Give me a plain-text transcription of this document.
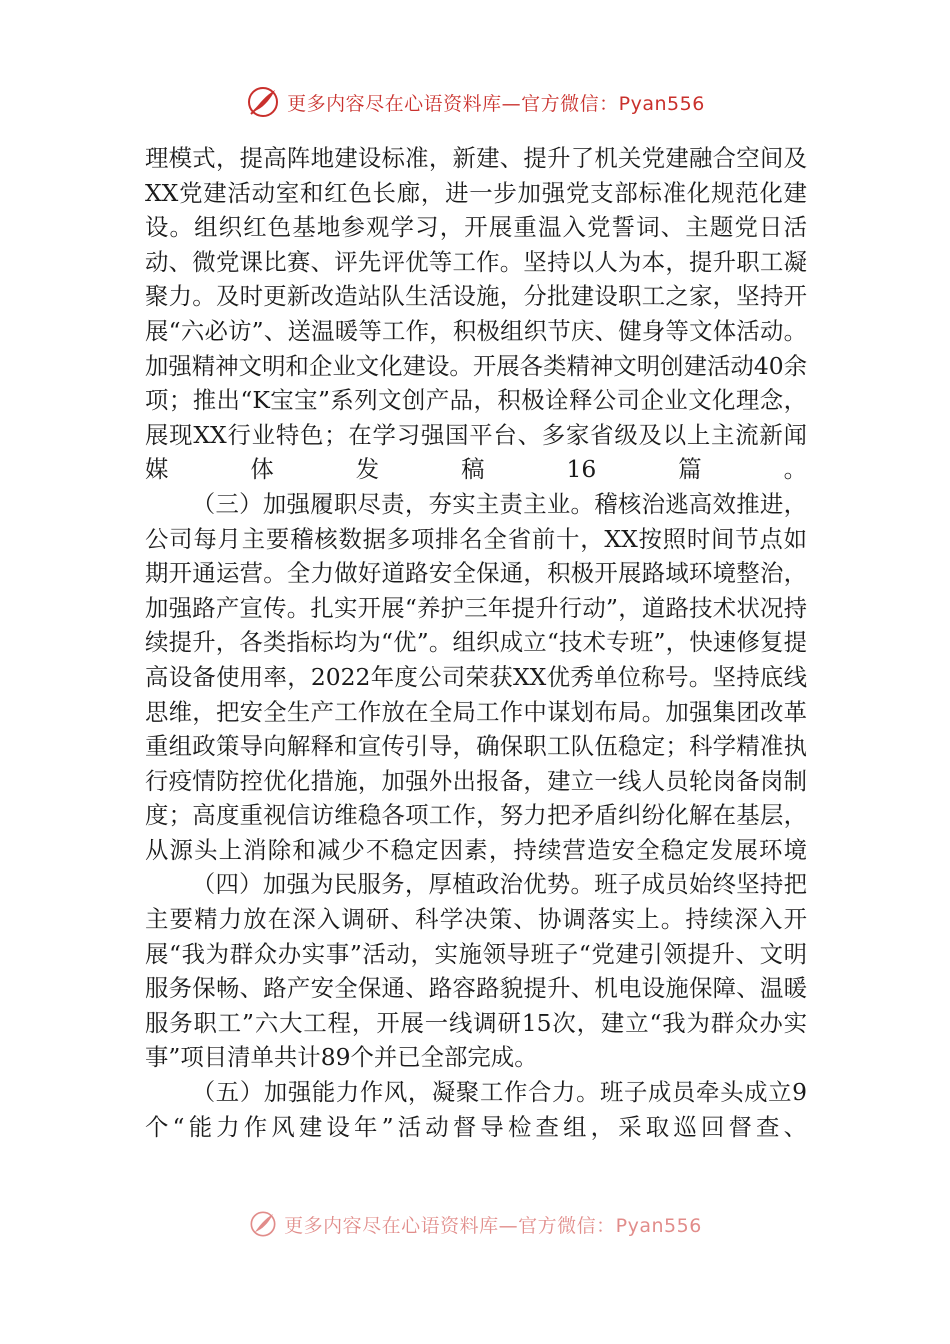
更多内容尽在心语资料库—官方微信：Pyan556

理模式，提高阵地建设标准，新建、提升了机关党建融合空间及XX党建活动室和红色长廊，进一步加强党支部标准化规范化建设。组织红色基地参观学习，开展重温入党誓词、主题党日活动、微党课比赛、评先评优等工作。坚持以人为本，提升职工凝聚力。及时更新改造站队生活设施，分批建设职工之家，坚持开展“六必访”、送温暖等工作，积极组织节庆、健身等文体活动。加强精神文明和企业文化建设。开展各类精神文明创建活动40余项；推出“K宝宝”系列文创产品，积极诠释公司企业文化理念，展现XX行业特色；在学习强国平台、多家省级及以上主流新闻媒体发稿16篇。

（三）加强履职尽责，夯实主责主业。稽核治逃高效推进，公司每月主要稽核数据多项排名全省前十，XX按照时间节点如期开通运营。全力做好道路安全保通，积极开展路域环境整治，加强路产宣传。扎实开展“养护三年提升行动”，道路技术状况持续提升，各类指标均为“优”。组织成立“技术专班”，快速修复提高设备使用率，2022年度公司荣获XX优秀单位称号。坚持底线思维，把安全生产工作放在全局工作中谋划布局。加强集团改革重组政策导向解释和宣传引导，确保职工队伍稳定；科学精准执行疫情防控优化措施，加强外出报备，建立一线人员轮岗备岗制度；高度重视信访维稳各项工作，努力把矛盾纠纷化解在基层，从源头上消除和减少不稳定因素，持续营造安全稳定发展环境

（四）加强为民服务，厚植政治优势。班子成员始终坚持把主要精力放在深入调研、科学决策、协调落实上。持续深入开展“我为群众办实事”活动，实施领导班子“党建引领提升、文明服务保畅、路产安全保通、路容路貌提升、机电设施保障、温暖服务职工”六大工程，开展一线调研15次，建立“我为群众办实事”项目清单共计89个并已全部完成。

（五）加强能力作风，凝聚工作合力。班子成员牵头成立9个“能力作风建设年”活动督导检查组，采取巡回督查、

更多内容尽在心语资料库—官方微信：Pyan556
